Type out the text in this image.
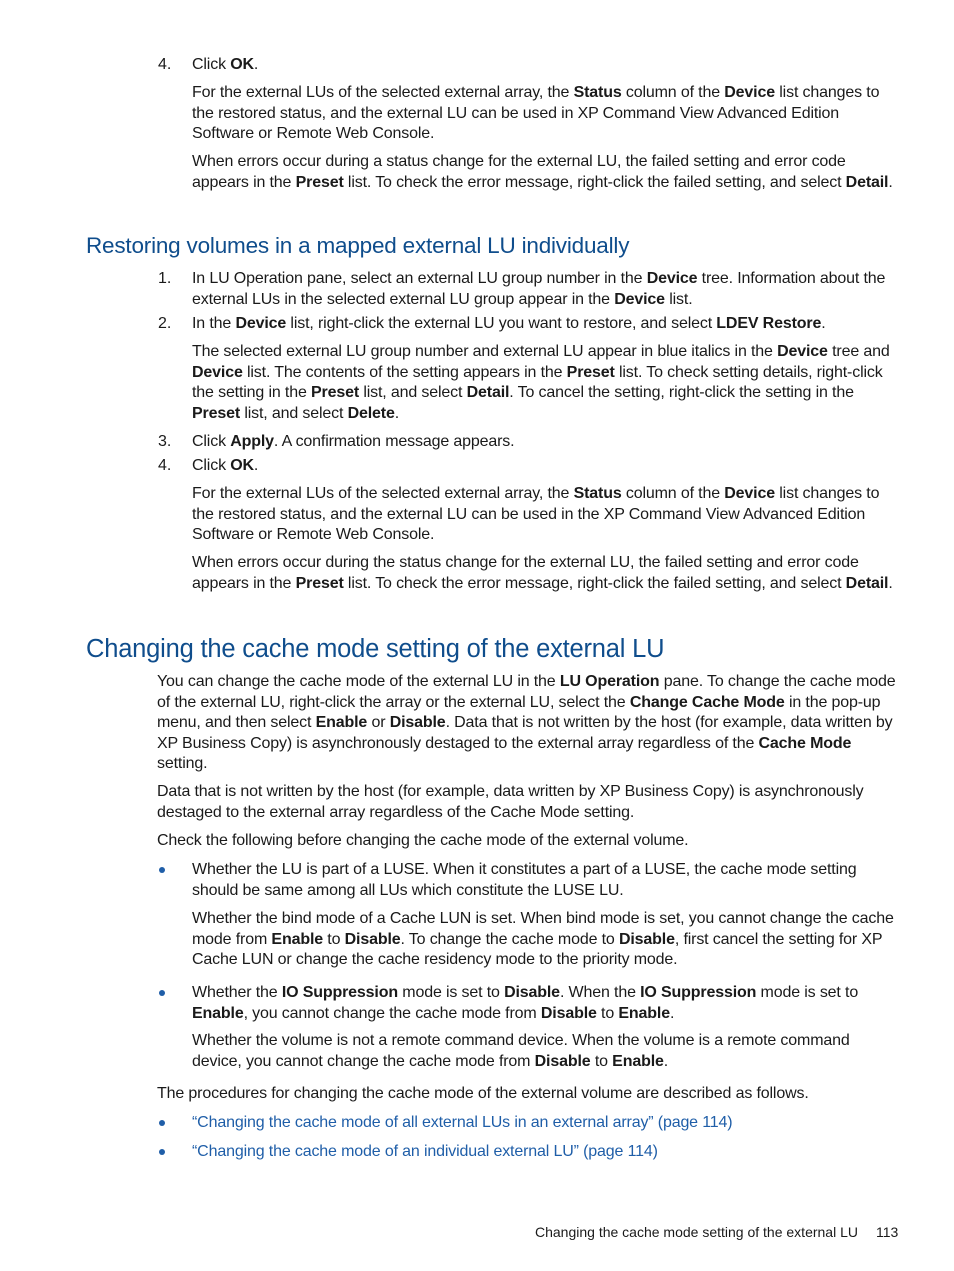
4.	Click OK.
For the external LUs of the selected external array, the Status column of the Device list changes to the restored status, and the external LU can be used in XP Command View Advanced Edition Software or Remote Web Console.
When errors occur during a status change for the external LU, the failed setting and error code appears in the Preset list. To check the error message, right-click the failed setting, and select Detail.
Restoring volumes in a mapped external LU individually
1.	In LU Operation pane, select an external LU group number in the Device tree. Information about the external LUs in the selected external LU group appear in the Device list.
2.	In the Device list, right-click the external LU you want to restore, and select LDEV Restore.
The selected external LU group number and external LU appear in blue italics in the Device tree and Device list. The contents of the setting appears in the Preset list. To check setting details, right-click the setting in the Preset list, and select Detail. To cancel the setting, right-click the setting in the Preset list, and select Delete.
3.	Click Apply. A confirmation message appears.
4.	Click OK.
For the external LUs of the selected external array, the Status column of the Device list changes to the restored status, and the external LU can be used in the XP Command View Advanced Edition Software or Remote Web Console.
When errors occur during the status change for the external LU, the failed setting and error code appears in the Preset list. To check the error message, right-click the failed setting, and select Detail.
Changing the cache mode setting of the external LU
You can change the cache mode of the external LU in the LU Operation pane. To change the cache mode of the external LU, right-click the array or the external LU, select the Change Cache Mode in the pop-up menu, and then select Enable or Disable. Data that is not written by the host (for example, data written by XP Business Copy) is asynchronously destaged to the external array regardless of the Cache Mode setting.
Data that is not written by the host (for example, data written by XP Business Copy) is asynchronously destaged to the external array regardless of the Cache Mode setting.
Check the following before changing the cache mode of the external volume.
Whether the LU is part of a LUSE. When it constitutes a part of a LUSE, the cache mode setting should be same among all LUs which constitute the LUSE LU.
Whether the bind mode of a Cache LUN is set. When bind mode is set, you cannot change the cache mode from Enable to Disable. To change the cache mode to Disable, first cancel the setting for XP Cache LUN or change the cache residency mode to the priority mode.
Whether the IO Suppression mode is set to Disable. When the IO Suppression mode is set to Enable, you cannot change the cache mode from Disable to Enable.
Whether the volume is not a remote command device. When the volume is a remote command device, you cannot change the cache mode from Disable to Enable.
The procedures for changing the cache mode of the external volume are described as follows.
“Changing the cache mode of all external LUs in an external array” (page 114)
“Changing the cache mode of an individual external LU” (page 114)
Changing the cache mode setting of the external LU 113
